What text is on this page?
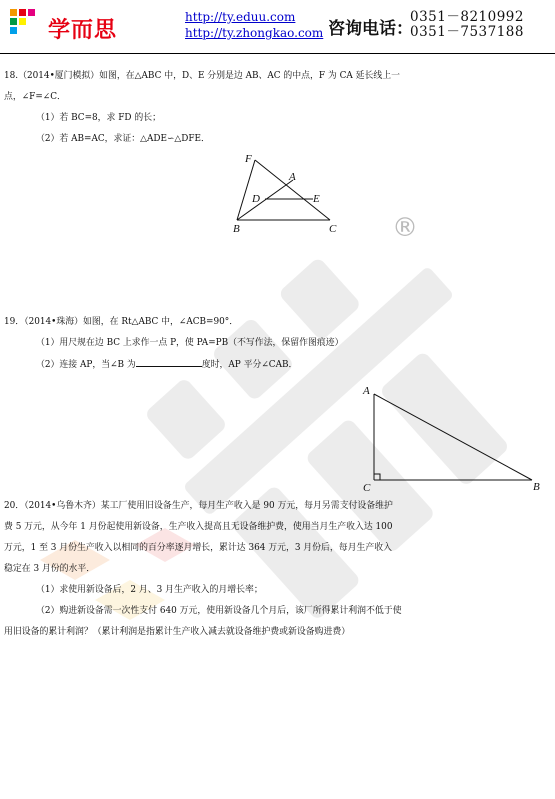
学而思
http://ty.eduu.com
http://ty.zhongkao.com 咨询电话：
0351－8210992
0351－7537188
®

18.（2014•厦门模拟）如图，在△ABC 中，D、E 分别是边 AB、AC 的中点，F 为 CA 延长线上一

点，∠F=∠C．

（1）若 BC=8，求 FD 的长；

（2）若 AB=AC，求证：△ADE∽△DFE．

F
A
D	E
B	C

19．（2014•珠海）如图，在 Rt△ABC 中，∠ACB=90°．

（1）用尺规在边 BC 上求作一点 P，使 PA=PB（不写作法，保留作图痕迹）

（2）连接 AP，当∠B 为	度时，AP 平分∠CAB．

A
C	B

20．（2014•乌鲁木齐）某工厂使用旧设备生产，每月生产收入是 90 万元，每月另需支付设备维护

费 5 万元，从今年 1 月份起使用新设备，生产收入提高且无设备维护费，使用当月生产收入达 100

万元，1 至 3 月份生产收入以相同的百分率逐月增长，累计达 364 万元，3 月份后，每月生产收入

稳定在 3 月份的水平．

（1）求使用新设备后，2 月、3 月生产收入的月增长率；

（2）购进新设备需一次性支付 640 万元，使用新设备几个月后，该厂所得累计利润不低于使

用旧设备的累计利润？（累计利润是指累计生产收入减去就设备维护费或新设备购进费）
